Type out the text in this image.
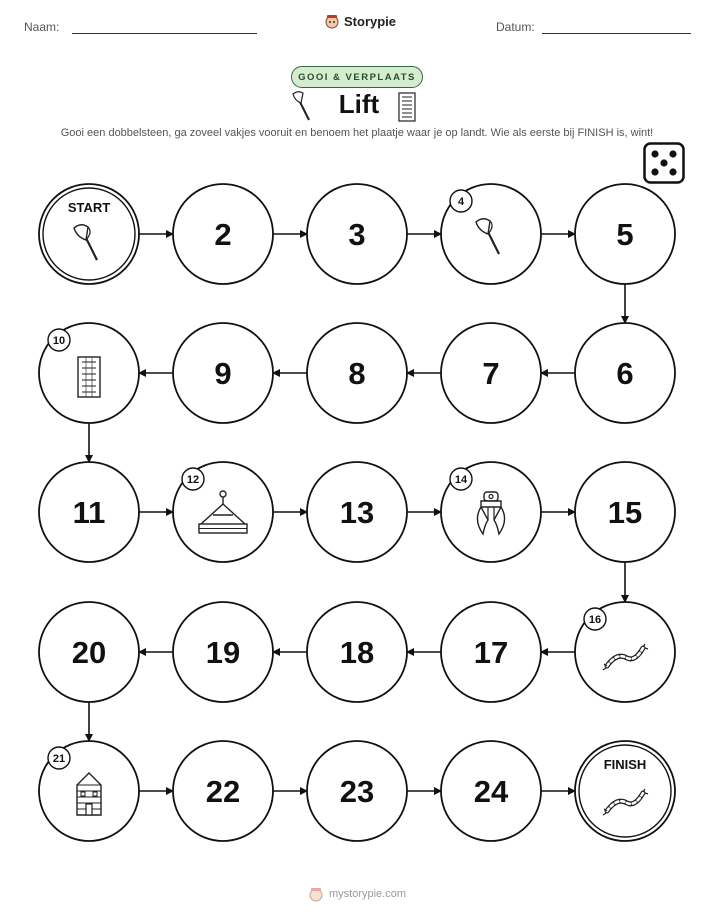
Naam:	Datum:
Storypie
GOOI & VERPLAATS
Lift
Gooi een dobbelsteen, ga zoveel vakjes vooruit en benoem het plaatje waar je op landt. Wie als eerste bij FINISH is, wint!
START
2	3
4
5
6
7
8
9
10
11
12
13
14
15
16
17
18
19
20
21
22	23	24
FINISH
mystorypie.com
